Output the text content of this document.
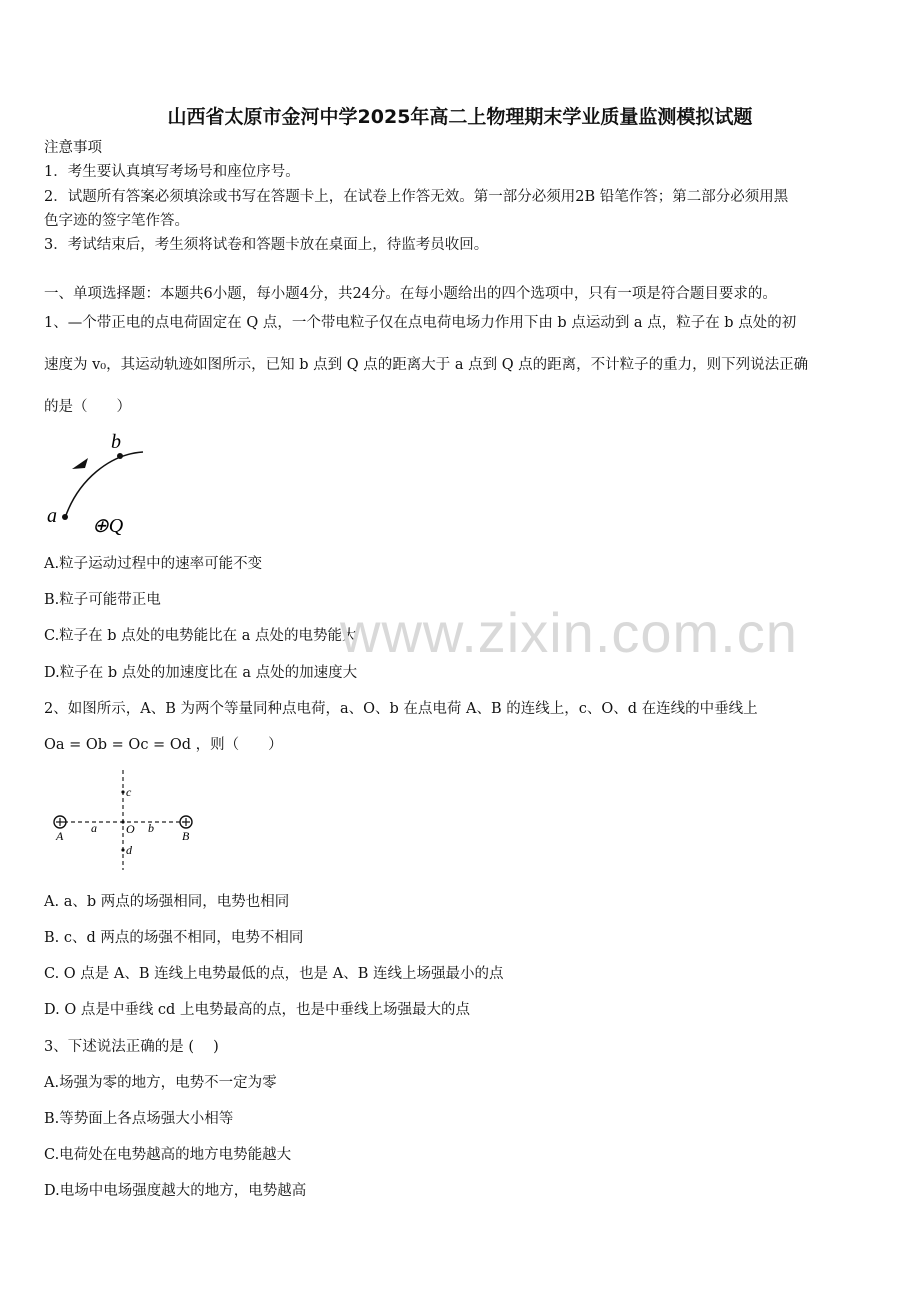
山西省太原市金河中学2025年高二上物理期末学业质量监测模拟试题
注意事项
1．考生要认真填写考场号和座位序号。
2．试题所有答案必须填涂或书写在答题卡上，在试卷上作答无效。第一部分必须用2B 铅笔作答；第二部分必须用黑
色字迹的签字笔作答。
3．考试结束后，考生须将试卷和答题卡放在桌面上，待监考员收回。
一、单项选择题：本题共6小题，每小题4分，共24分。在每小题给出的四个选项中，只有一项是符合题目要求的。
1、—个带正电的点电荷固定在 Q 点，一个带电粒子仅在点电荷电场力作用下由 b 点运动到 a 点，粒子在 b 点处的初
速度为 v₀，其运动轨迹如图所示，已知 b 点到 Q 点的距离大于 a 点到 Q 点的距离，不计粒子的重力，则下列说法正确
的是（　　）
b
a ⊕Q
A.粒子运动过程中的速率可能不变
B.粒子可能带正电
C.粒子在 b 点处的电势能比在 a 点处的电势能大
D.粒子在 b 点处的加速度比在 a 点处的加速度大
www.zixin.com.cn
2、如图所示，A、B 为两个等量同种点电荷，a、O、b 在点电荷 A、B 的连线上，c、O、d 在连线的中垂线上
Oa = Ob = Oc = Od ，则（　　）
A	B
a	b
O
c
d
A. a、b 两点的场强相同，电势也相同
B. c、d 两点的场强不相同，电势不相同
C. O 点是 A、B 连线上电势最低的点，也是 A、B 连线上场强最小的点
D. O 点是中垂线 cd 上电势最高的点，也是中垂线上场强最大的点
3、下述说法正确的是 (　 )
A.场强为零的地方，电势不一定为零
B.等势面上各点场强大小相等
C.电荷处在电势越高的地方电势能越大
D.电场中电场强度越大的地方，电势越高
